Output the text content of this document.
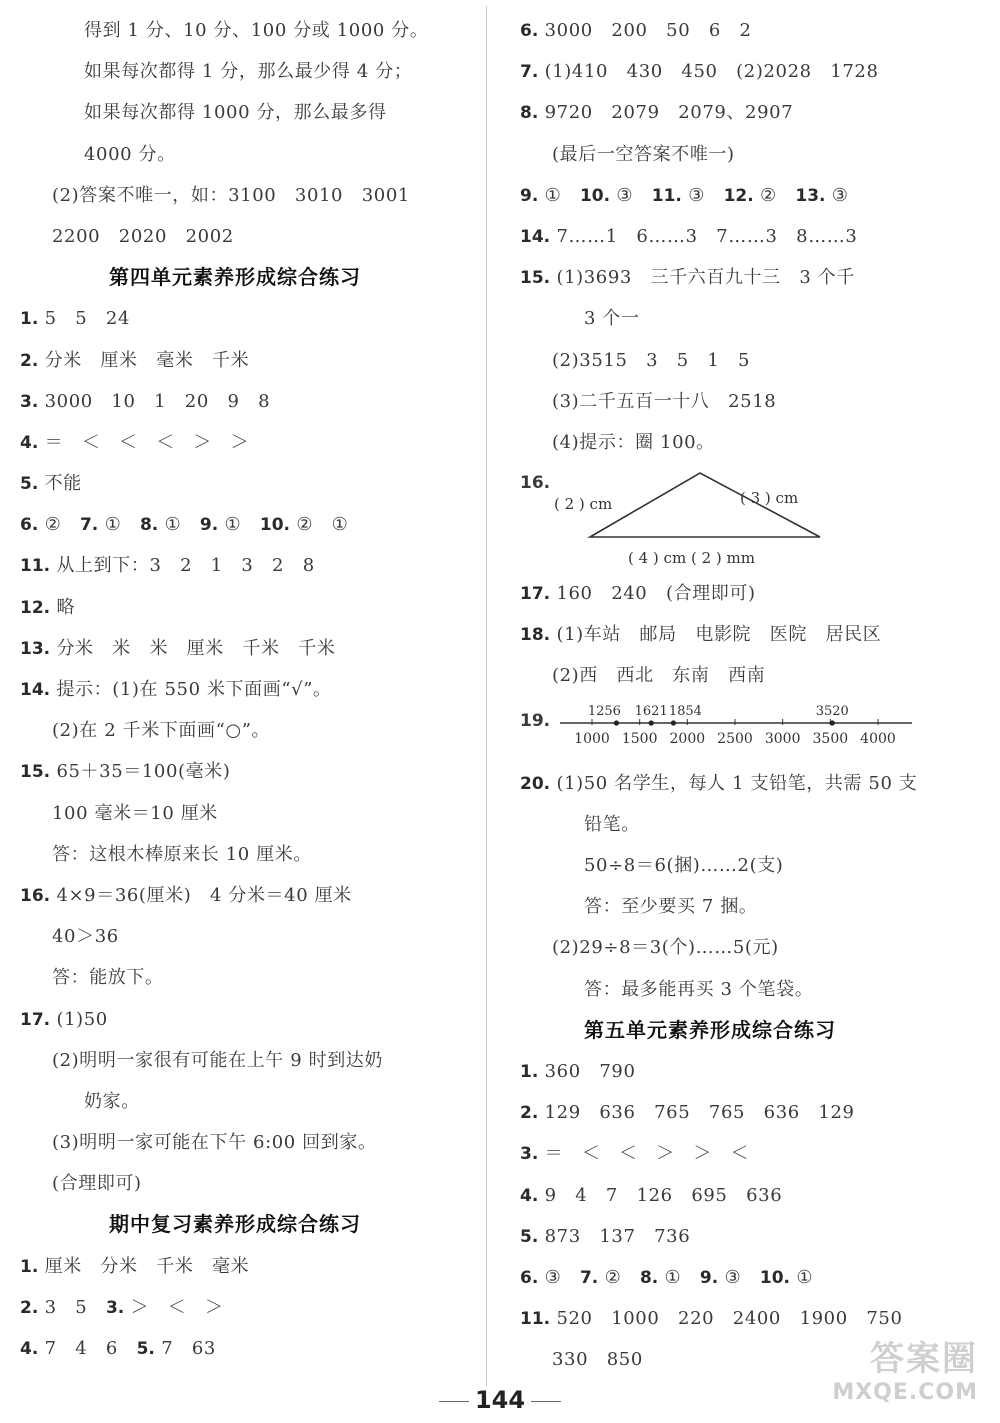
得到 1 分、10 分、100 分或 1000 分。
如果每次都得 1 分，那么最少得 4 分；
如果每次都得 1000 分，那么最多得
4000 分。
(2)答案不唯一，如：3100　3010　3001
2200　2020　2002
第四单元素养形成综合练习
1. 5　5　24
2. 分米　厘米　毫米　千米
3. 3000　10　1　20　9　8
4. ＝　＜　＜　＜　＞　＞
5. 不能
6. ②　7. ①　8. ①　9. ①　10. ②　①
11. 从上到下：3　2　1　3　2　8
12. 略
13. 分米　米　米　厘米　千米　千米
14. 提示：(1)在 550 米下面画“√”。
(2)在 2 千米下面画“○”。
15. 65＋35＝100(毫米)
100 毫米＝10 厘米
答：这根木棒原来长 10 厘米。
16. 4×9＝36(厘米)　4 分米＝40 厘米
40＞36
答：能放下。
17. (1)50
(2)明明一家很有可能在上午 9 时到达奶
奶家。
(3)明明一家可能在下午 6:00 回到家。
(合理即可)
期中复习素养形成综合练习
1. 厘米　分米　千米　毫米
2. 3　5　3. ＞　＜　＞
4. 7　4　6　5. 7　63
6. 3000　200　50　6　2
7. (1)410　430　450　(2)2028　1728
8. 9720　2079　2079、2907
(最后一空答案不唯一)
9. ①　10. ③　11. ③　12. ②　13. ③
14. 7……1　6……3　7……3　8……3
15. (1)3693　三千六百九十三　3 个千
3 个一
(2)3515　3　5　1　5
(3)二千五百一十八　2518
(4)提示：圈 100。
16.
( 2 ) cm	( 3 ) cm
( 4 ) cm ( 2 ) mm
17. 160　240　(合理即可)
18. (1)车站　邮局　电影院　医院　居民区
(2)西　西北　东南　西南
19.
1000 1500 2000 2500 3000 3500 4000
1256 1621 1854	3520
20. (1)50 名学生，每人 1 支铅笔，共需 50 支
铅笔。
50÷8＝6(捆)……2(支)
答：至少要买 7 捆。
(2)29÷8＝3(个)……5(元)
答：最多能再买 3 个笔袋。
第五单元素养形成综合练习
1. 360　790
2. 129　636　765　765　636　129
3. ＝　＜　＜　＞　＞　＜
4. 9　4　7　126　695　636
5. 873　137　736
6. ③　7. ②　8. ①　9. ③　10. ①
11. 520　1000　220　2400　1900　750
330　850
144
答案圈
MXQE.COM
